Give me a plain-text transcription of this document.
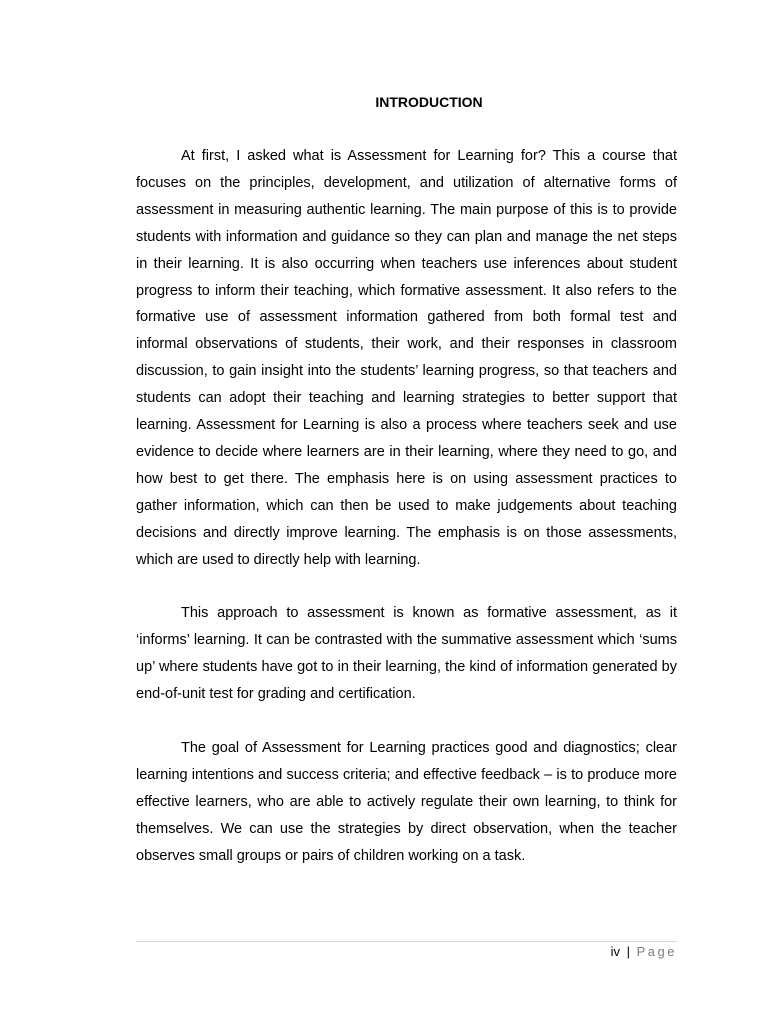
INTRODUCTION

At first, I asked what is Assessment for Learning for? This a course that focuses on the principles, development, and utilization of alternative forms of assessment in measuring authentic learning. The main purpose of this is to provide students with information and guidance so they can plan and manage the net steps in their learning. It is also occurring when teachers use inferences about student progress to inform their teaching, which formative assessment. It also refers to the formative use of assessment information gathered from both formal test and informal observations of students, their work, and their responses in classroom discussion, to gain insight into the students’ learning progress, so that teachers and students can adopt their teaching and learning strategies to better support that learning. Assessment for Learning is also a process where teachers seek and use evidence to decide where learners are in their learning, where they need to go, and how best to get there. The emphasis here is on using assessment practices to gather information, which can then be used to make judgements about teaching decisions and directly improve learning. The emphasis is on those assessments, which are used to directly help with learning.

This approach to assessment is known as formative assessment, as it ‘informs’ learning. It can be contrasted with the summative assessment which ‘sums up’ where students have got to in their learning, the kind of information generated by end-of-unit test for grading and certification.

The goal of Assessment for Learning practices good and diagnostics; clear learning intentions and success criteria; and effective feedback – is to produce more effective learners, who are able to actively regulate their own learning, to think for themselves. We can use the strategies by direct observation, when the teacher observes small groups or pairs of children working on a task.

iv | Page
